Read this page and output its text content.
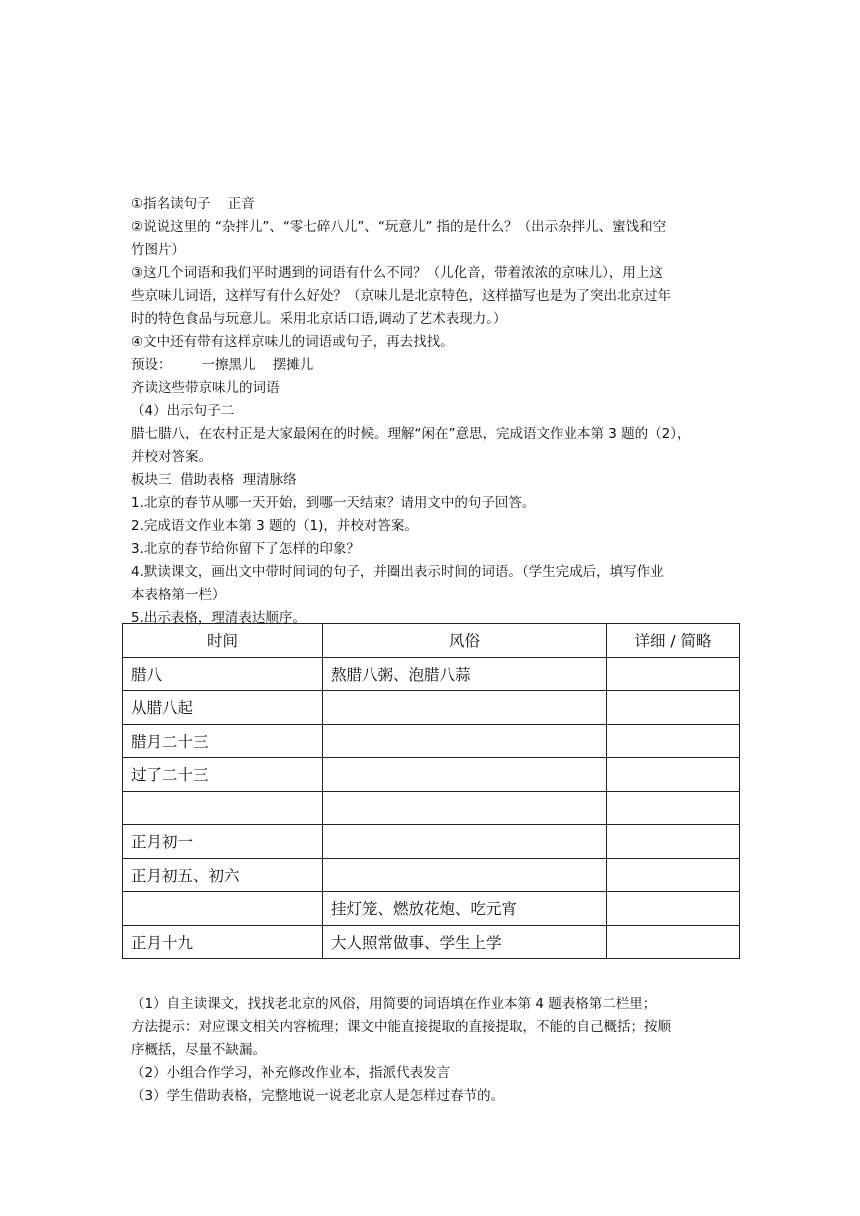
①指名读句子    正音

②说说这里的 “杂拌儿”、“零七碎八儿”、“玩意儿” 指的是什么？（出示杂拌儿、蜜饯和空

竹图片）

③这几个词语和我们平时遇到的词语有什么不同？（儿化音，带着浓浓的京味儿），用上这

些京味儿词语，这样写有什么好处？（京味儿是北京特色，这样描写也是为了突出北京过年

时的特色食品与玩意儿。采用北京话口语,调动了艺术表现力。）

④文中还有带有这样京味儿的词语或句子，再去找找。

预设：       一擦黑儿    摆摊儿

齐读这些带京味儿的词语

（4）出示句子二

腊七腊八，在农村正是大家最闲在的时候。理解“闲在”意思，完成语文作业本第 3 题的（2），

并校对答案。

板块三  借助表格  理清脉络

1.北京的春节从哪一天开始，到哪一天结束？请用文中的句子回答。

2.完成语文作业本第 3 题的（1)，并校对答案。

3.北京的春节给你留下了怎样的印象？

4.默读课文，画出文中带时间词的句子，并圈出表示时间的词语。（学生完成后，填写作业

本表格第一栏）

5.出示表格，理清表达顺序。

时间	风俗	详细 / 简略
腊八	熬腊八粥、泡腊八蒜	
从腊八起		
腊月二十三		
过了二十三		

正月初一		
正月初五、初六		
	挂灯笼、燃放花炮、吃元宵	
正月十九	大人照常做事、学生上学	

（1）自主读课文，找找老北京的风俗，用简要的词语填在作业本第 4 题表格第二栏里；

方法提示：对应课文相关内容梳理；课文中能直接提取的直接提取，不能的自己概括；按顺

序概括，尽量不缺漏。

（2）小组合作学习，补充修改作业本，指派代表发言

（3）学生借助表格，完整地说一说老北京人是怎样过春节的。
